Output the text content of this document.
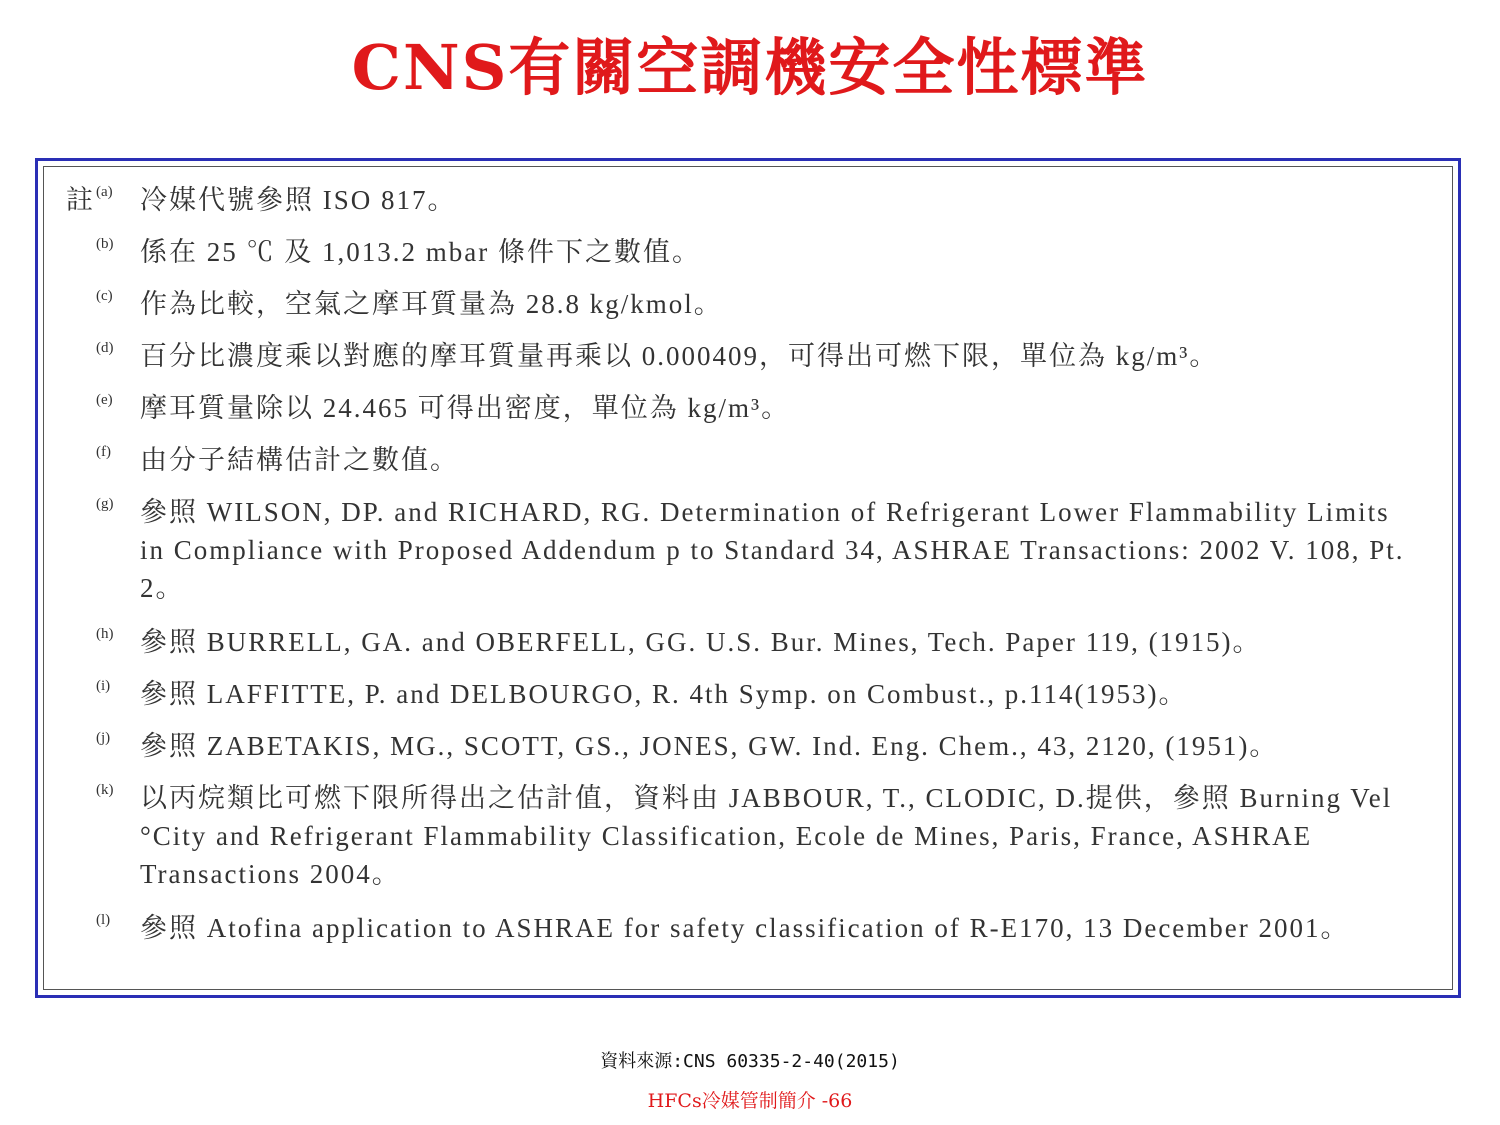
CNS有關空調機安全性標準
註 (a) 冷媒代號參照 ISO 817。
(b) 係在 25 ℃ 及 1,013.2 mbar 條件下之數值。
(c) 作為比較，空氣之摩耳質量為 28.8 kg/kmol。
(d) 百分比濃度乘以對應的摩耳質量再乘以 0.000409，可得出可燃下限，單位為 kg/m³。
(e) 摩耳質量除以 24.465 可得出密度，單位為 kg/m³。
(f) 由分子結構估計之數值。
(g) 參照 WILSON, DP. and RICHARD, RG. Determination of Refrigerant Lower Flammability Limits in Compliance with Proposed Addendum p to Standard 34, ASHRAE Transactions: 2002 V. 108, Pt. 2。
(h) 參照 BURRELL, GA. and OBERFELL, GG. U.S. Bur. Mines, Tech. Paper 119, (1915)。
(i) 參照 LAFFITTE, P. and DELBOURGO, R. 4th Symp. on Combust., p.114(1953)。
(j) 參照 ZABETAKIS, MG., SCOTT, GS., JONES, GW. Ind. Eng. Chem., 43, 2120, (1951)。
(k) 以丙烷類比可燃下限所得出之估計值，資料由 JABBOUR, T., CLODIC, D.提供，參照 Burning Vel °City and Refrigerant Flammability Classification, Ecole de Mines, Paris, France, ASHRAE Transactions 2004。
(l) 參照 Atofina application to ASHRAE for safety classification of R-E170, 13 December 2001。
資料來源:CNS 60335-2-40(2015)
HFCs冷媒管制簡介 -66
